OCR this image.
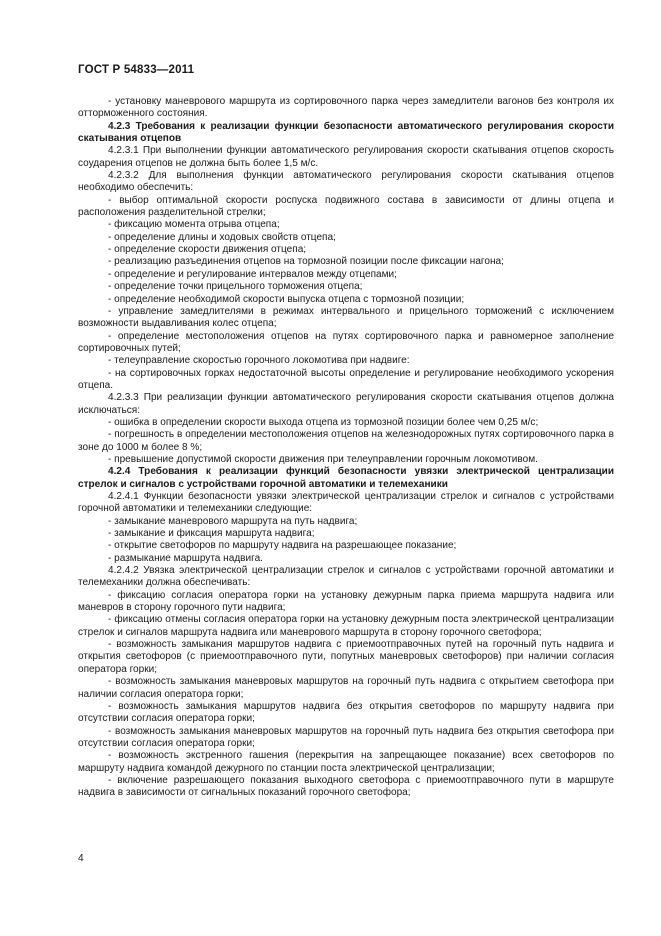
ГОСТ Р 54833—2011

- установку маневрового маршрута из сортировочного парка через замедлители вагонов без контроля их отторможенного состояния.

4.2.3 Требования к реализации функции безопасности автоматического регулирования скорости скатывания отцепов

4.2.3.1 При выполнении функции автоматического регулирования скорости скатывания отцепов скорость соударения отцепов не должна быть более 1,5 м/с.

4.2.3.2 Для выполнения функции автоматического регулирования скорости скатывания отцепов необходимо обеспечить:

- выбор оптимальной скорости роспуска подвижного состава в зависимости от длины отцепа и расположения разделительной стрелки;

- фиксацию момента отрыва отцепа;

- определение длины и ходовых свойств отцепа;

- определение скорости движения отцепа;

- реализацию разъединения отцепов на тормозной позиции после фиксации нагона;

- определение и регулирование интервалов между отцепами;

- определение точки прицельного торможения отцепа;

- определение необходимой скорости выпуска отцепа с тормозной позиции;

- управление замедлителями в режимах интервального и прицельного торможений с исключением возможности выдавливания колес отцепа;

- определение местоположения отцепов на путях сортировочного парка и равномерное заполнение сортировочных путей;

- телеуправление скоростью горочного локомотива при надвиге:

- на сортировочных горках недостаточной высоты определение и регулирование необходимого ускорения отцепа.

4.2.3.3 При реализации функции автоматического регулирования скорости скатывания отцепов должна исключаться:

- ошибка в определении скорости выхода отцепа из тормозной позиции более чем 0,25 м/с;

- погрешность в определении местоположения отцепов на железнодорожных путях сортировочного парка в зоне до 1000 м более 8 %;

- превышение допустимой скорости движения при телеуправлении горочным локомотивом.

4.2.4 Требования к реализации функций безопасности увязки электрической централизации стрелок и сигналов с устройствами горочной автоматики и телемеханики

4.2.4.1 Функции безопасности увязки электрической централизации стрелок и сигналов с устройствами горочной автоматики и телемеханики следующие:

- замыкание маневрового маршрута на путь надвига;

- замыкание и фиксация маршрута надвига;

- открытие светофоров по маршруту надвига на разрешающее показание;

- размыкание маршрута надвига.

4.2.4.2 Увязка электрической централизации стрелок и сигналов с устройствами горочной автоматики и телемеханики должна обеспечивать:

- фиксацию согласия оператора горки на установку дежурным парка приема маршрута надвига или маневров в сторону горочного пути надвига;

- фиксацию отмены согласия оператора горки на установку дежурным поста электрической централизации стрелок и сигналов маршрута надвига или маневрового маршрута в сторону горочного светофора;

- возможность замыкания маршрутов надвига с приемоотправочных путей на горочный путь надвига и открытия светофоров (с приемоотправочного пути, попутных маневровых светофоров) при наличии согласия оператора горки;

- возможность замыкания маневровых маршрутов на горочный путь надвига с открытием светофора при наличии согласия оператора горки;

- возможность замыкания маршрутов надвига без открытия светофоров по маршруту надвига при отсутствии согласия оператора горки;

- возможность замыкания маневровых маршрутов на горочный путь надвига без открытия светофора при отсутствии согласия оператора горки;

- возможность экстренного гашения (перекрытия на запрещающее показание) всех светофоров по маршруту надвига командой дежурного по станции поста электрической централизации;

- включение разрешающего показания выходного светофора с приемоотправочного пути в маршруте надвига в зависимости от сигнальных показаний горочного светофора;

4
